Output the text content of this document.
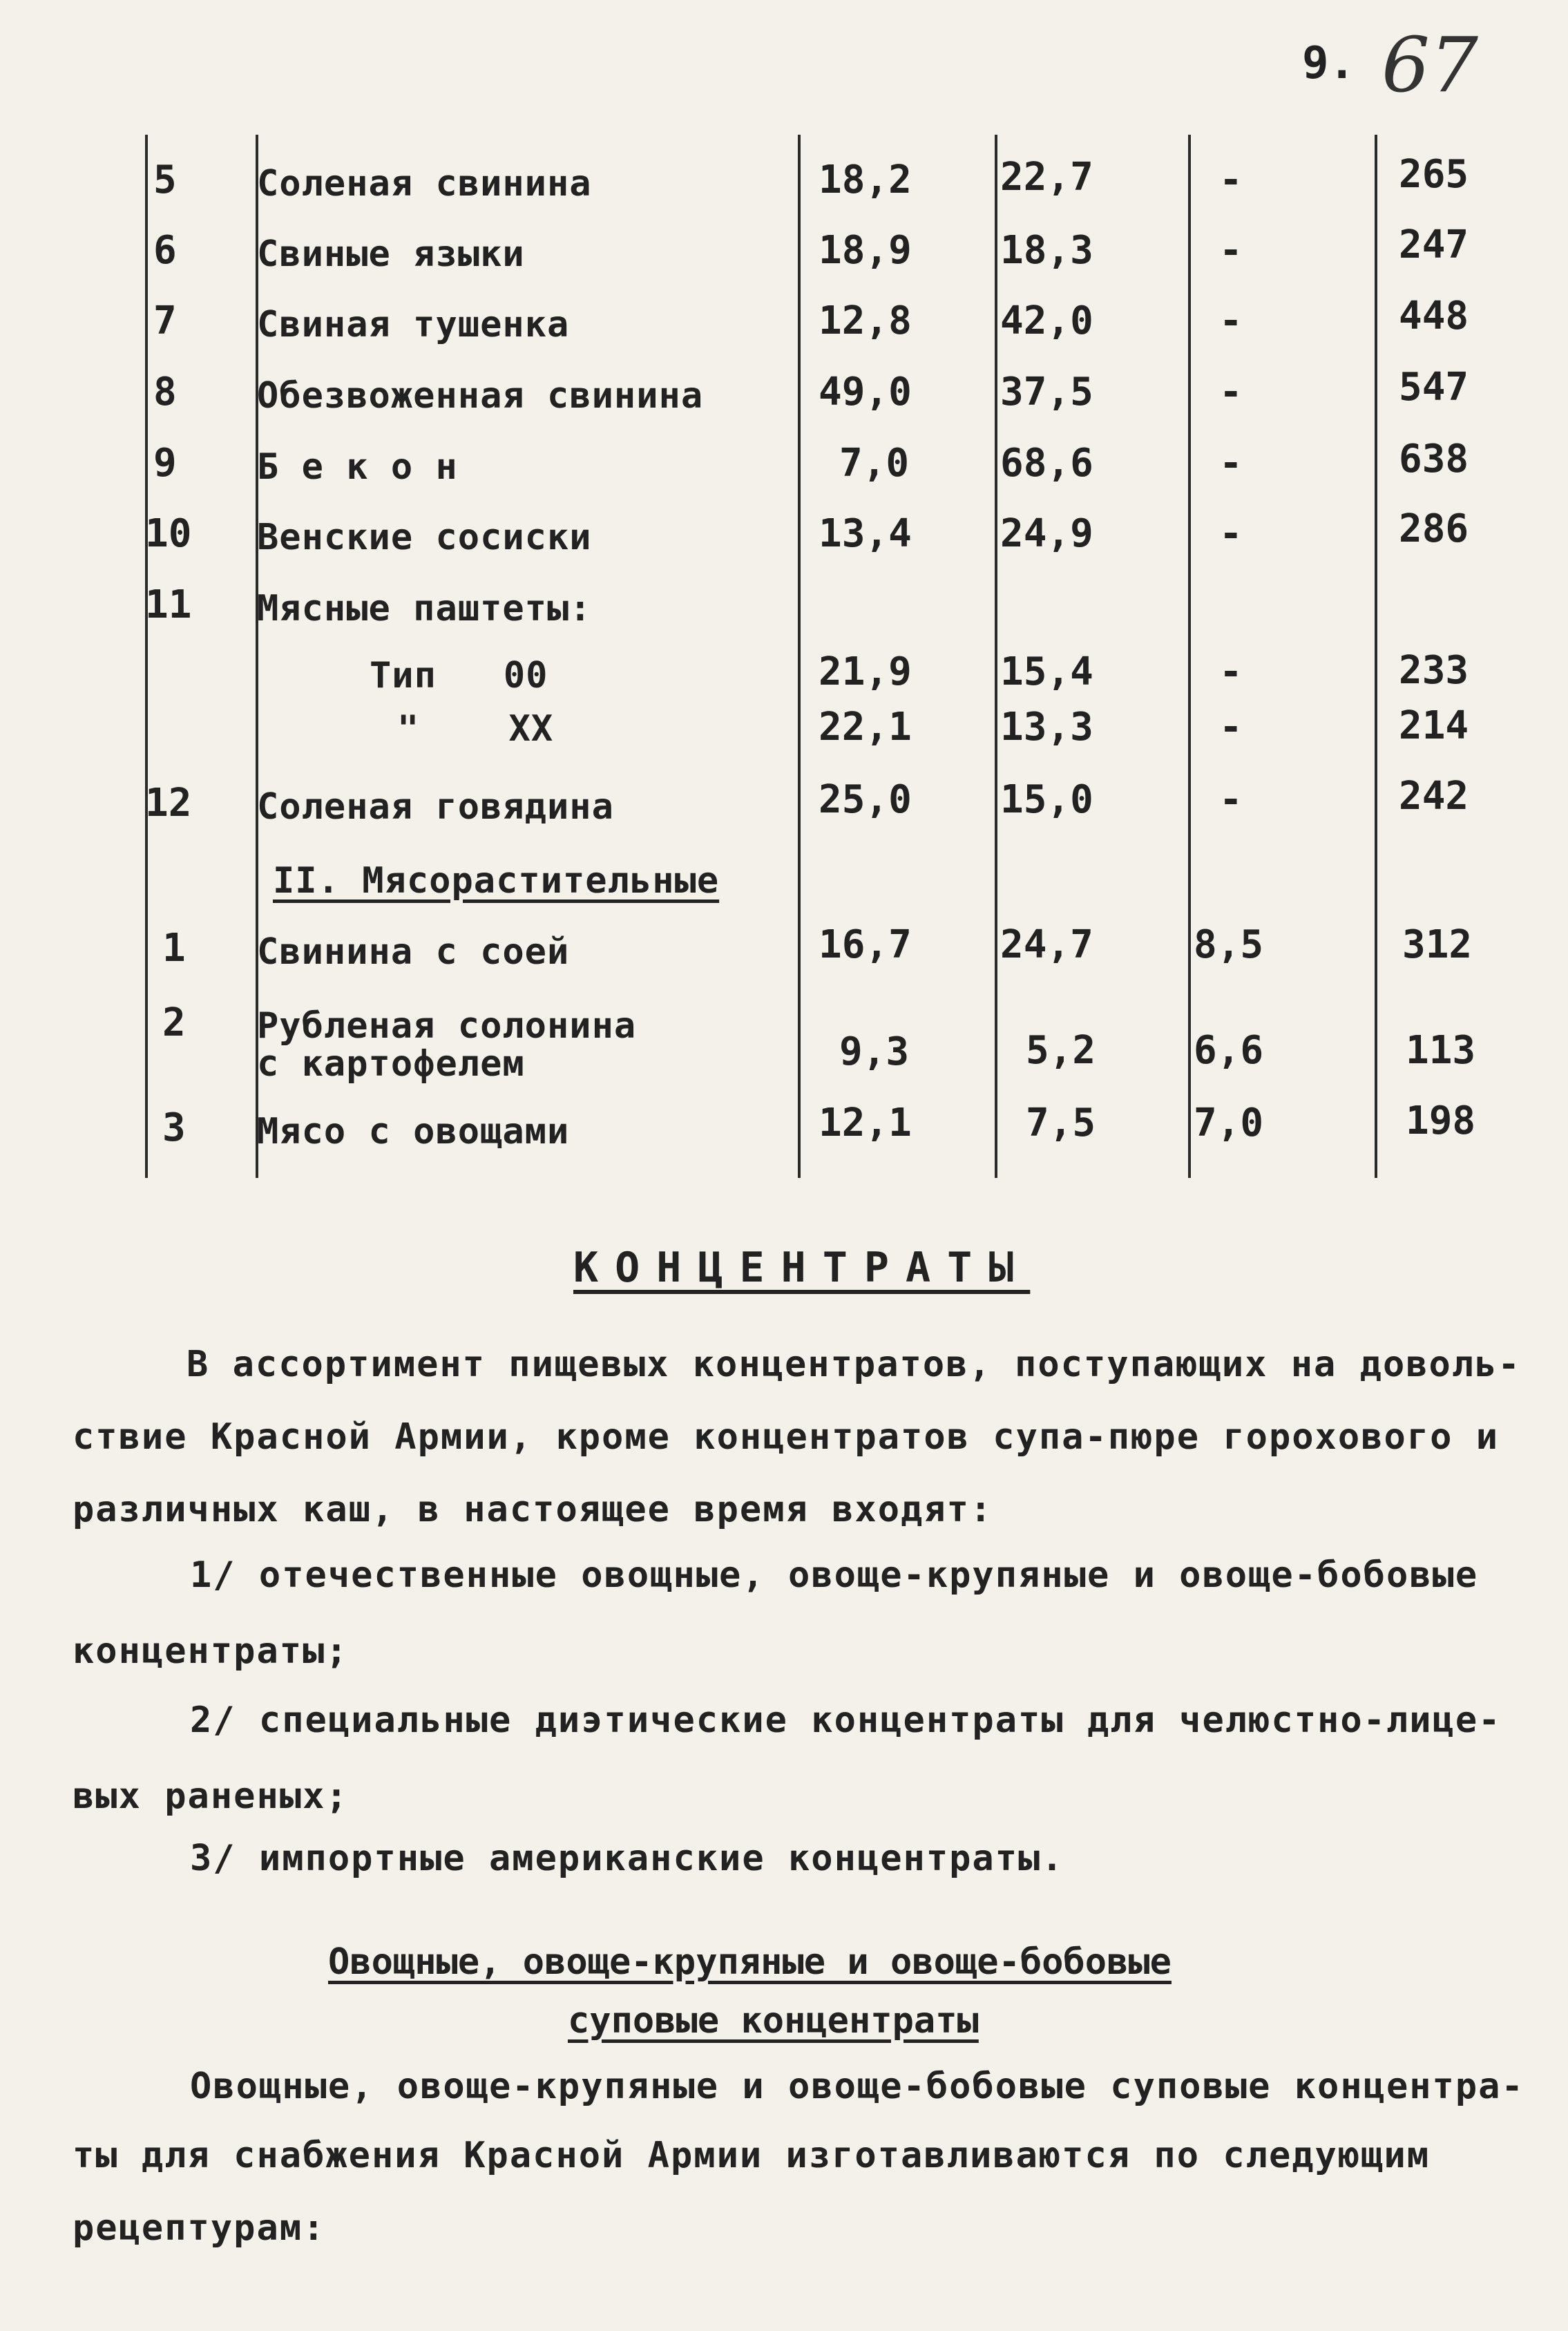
9. 67
5 Соленая свинина	18,2 22,7	-	265
6 Свиные языки	18,9 18,3	-	247
7 Свиная тушенка	12,8 42,0	-	448
8 Обезвоженная свинина	49,0 37,5	-	547
9 Б е к о н	7,0 68,6	-	638
10 Венские сосиски	13,4 24,9	-	286
11 Мясные паштеты:
Тип   00	21,9 15,4	-	233
"    XX	22,1 13,3	-	214
12 Соленая говядина	25,0 15,0	-	242
II. Мясорастительные
1 Свинина с соей	16,7 24,7	8,5	312
2 Рубленая солонина
с картофелем	9,3	5,2	6,6	113
3 Мясо с овощами	12,1	7,5	7,0	198
КОНЦЕНТРАТЫ
В ассортимент пищевых концентратов, поступающих на доволь-
ствие Красной Армии, кроме концентратов супа-пюре горохового и
различных каш, в настоящее время входят:
1/ отечественные овощные, овоще-крупяные и овоще-бобовые
концентраты;
2/ специальные диэтические концентраты для челюстно-лице-
вых раненых;
3/ импортные американские концентраты.
Овощные, овоще-крупяные и овоще-бобовые
суповые концентраты
Овощные, овоще-крупяные и овоще-бобовые суповые концентра-
ты для снабжения Красной Армии изготавливаются по следующим
рецептурам:
